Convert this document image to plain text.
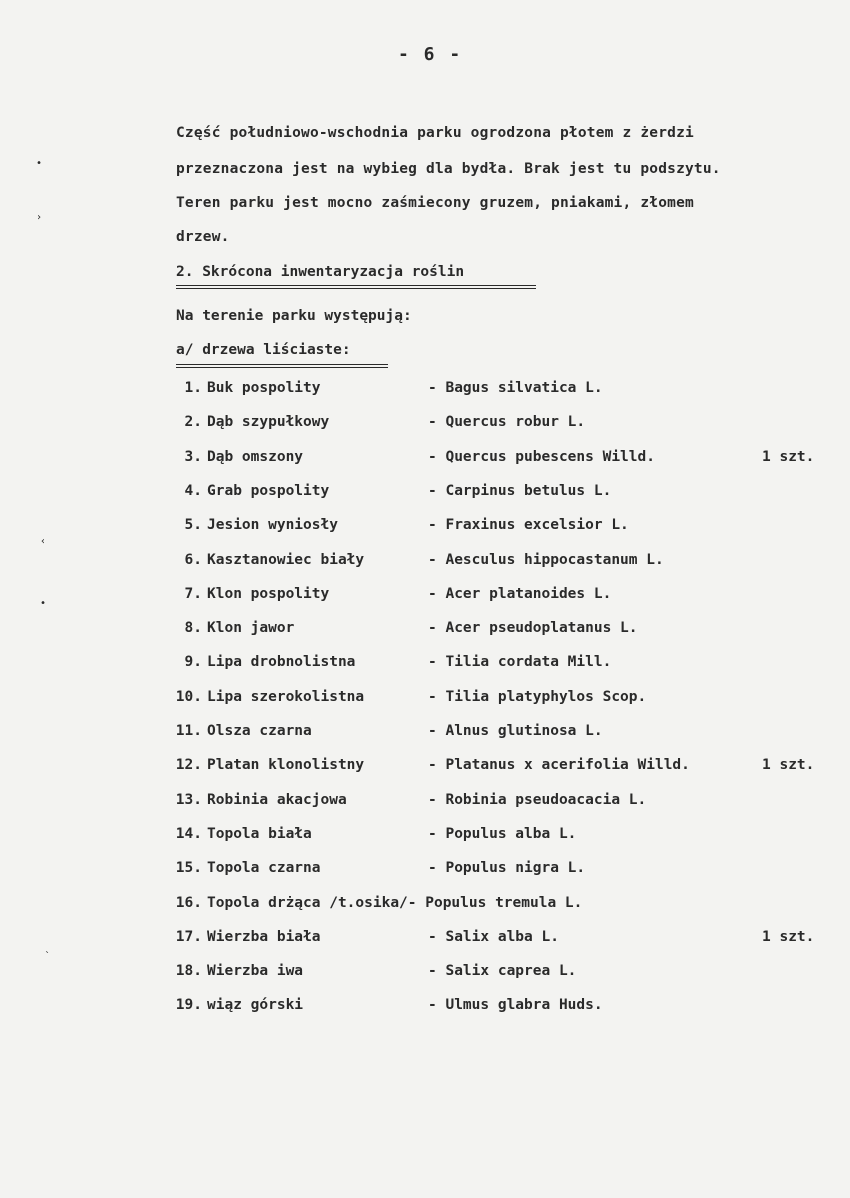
- 6 -
Część południowo-wschodnia parku ogrodzona płotem z żerdzi
przeznaczona jest na wybieg dla bydła. Brak jest tu podszytu.
Teren parku jest mocno zaśmiecony gruzem, pniakami, złomem
drzew.
2. Skrócona inwentaryzacja roślin
Na terenie parku występują:
a/ drzewa liściaste:
1. Buk pospolity	- Bagus silvatica L.
2. Dąb szypułkowy	- Quercus robur L.
3. Dąb omszony	- Quercus pubescens Willd.	1 szt.
4. Grab pospolity	- Carpinus betulus L.
5. Jesion wyniosły	- Fraxinus excelsior L.
6. Kasztanowiec biały	- Aesculus hippocastanum L.
7. Klon pospolity	- Acer platanoides L.
8. Klon jawor	- Acer pseudoplatanus L.
9. Lipa drobnolistna	- Tilia cordata Mill.
10. Lipa szerokolistna	- Tilia platyphylos Scop.
11. Olsza czarna	- Alnus glutinosa L.
12. Platan klonolistny	- Platanus x acerifolia Willd.	1 szt.
13. Robinia akacjowa	- Robinia pseudoacacia L.
14. Topola biała	- Populus alba L.
15. Topola czarna	- Populus nigra L.
16. Topola drżąca /t.osika/- Populus tremula L.
17. Wierzba biała	- Salix alba L.	1 szt.
18. Wierzba iwa	- Salix caprea L.
19. wiąz górski	- Ulmus glabra Huds.
•
›
‹
•
ˎ
